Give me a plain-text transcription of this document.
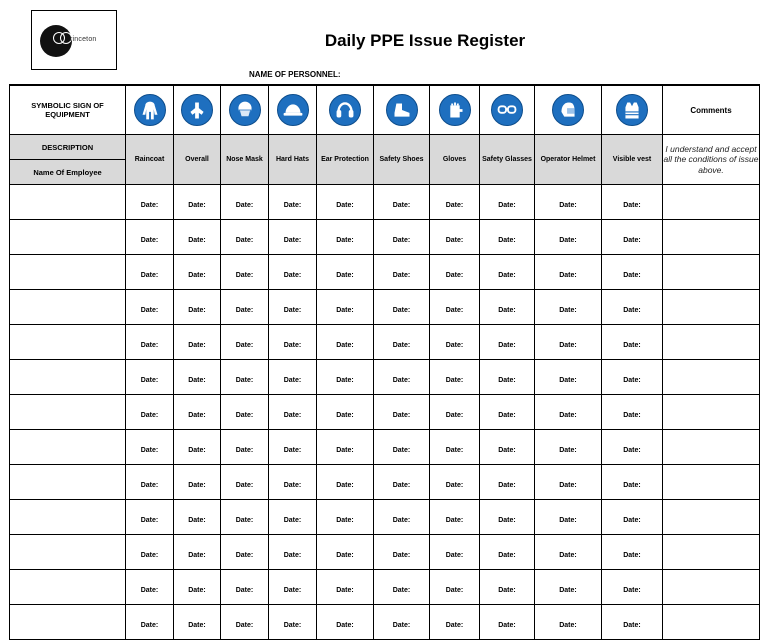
rinceton	Daily PPE Issue Register
NAME OF PERSONNEL:
SYMBOLIC SIGN OF EQUIPMENT											Comments
DESCRIPTION	Raincoat	Overall	Nose Mask	Hard Hats	Ear Protection	Safety Shoes	Gloves	Safety Glasses	Operator Helmet	Visible vest	I understand and accept all the conditions of issue above.
Name Of Employee											

	Date:	Date:	Date:	Date:	Date:	Date:	Date:	Date:	Date:	Date:	

	Date:	Date:	Date:	Date:	Date:	Date:	Date:	Date:	Date:	Date:	

	Date:	Date:	Date:	Date:	Date:	Date:	Date:	Date:	Date:	Date:	

	Date:	Date:	Date:	Date:	Date:	Date:	Date:	Date:	Date:	Date:	

	Date:	Date:	Date:	Date:	Date:	Date:	Date:	Date:	Date:	Date:	

	Date:	Date:	Date:	Date:	Date:	Date:	Date:	Date:	Date:	Date:	

	Date:	Date:	Date:	Date:	Date:	Date:	Date:	Date:	Date:	Date:	

	Date:	Date:	Date:	Date:	Date:	Date:	Date:	Date:	Date:	Date:	

	Date:	Date:	Date:	Date:	Date:	Date:	Date:	Date:	Date:	Date:	

	Date:	Date:	Date:	Date:	Date:	Date:	Date:	Date:	Date:	Date:	

	Date:	Date:	Date:	Date:	Date:	Date:	Date:	Date:	Date:	Date:	

	Date:	Date:	Date:	Date:	Date:	Date:	Date:	Date:	Date:	Date:	

	Date:	Date:	Date:	Date:	Date:	Date:	Date:	Date:	Date:	Date:	
